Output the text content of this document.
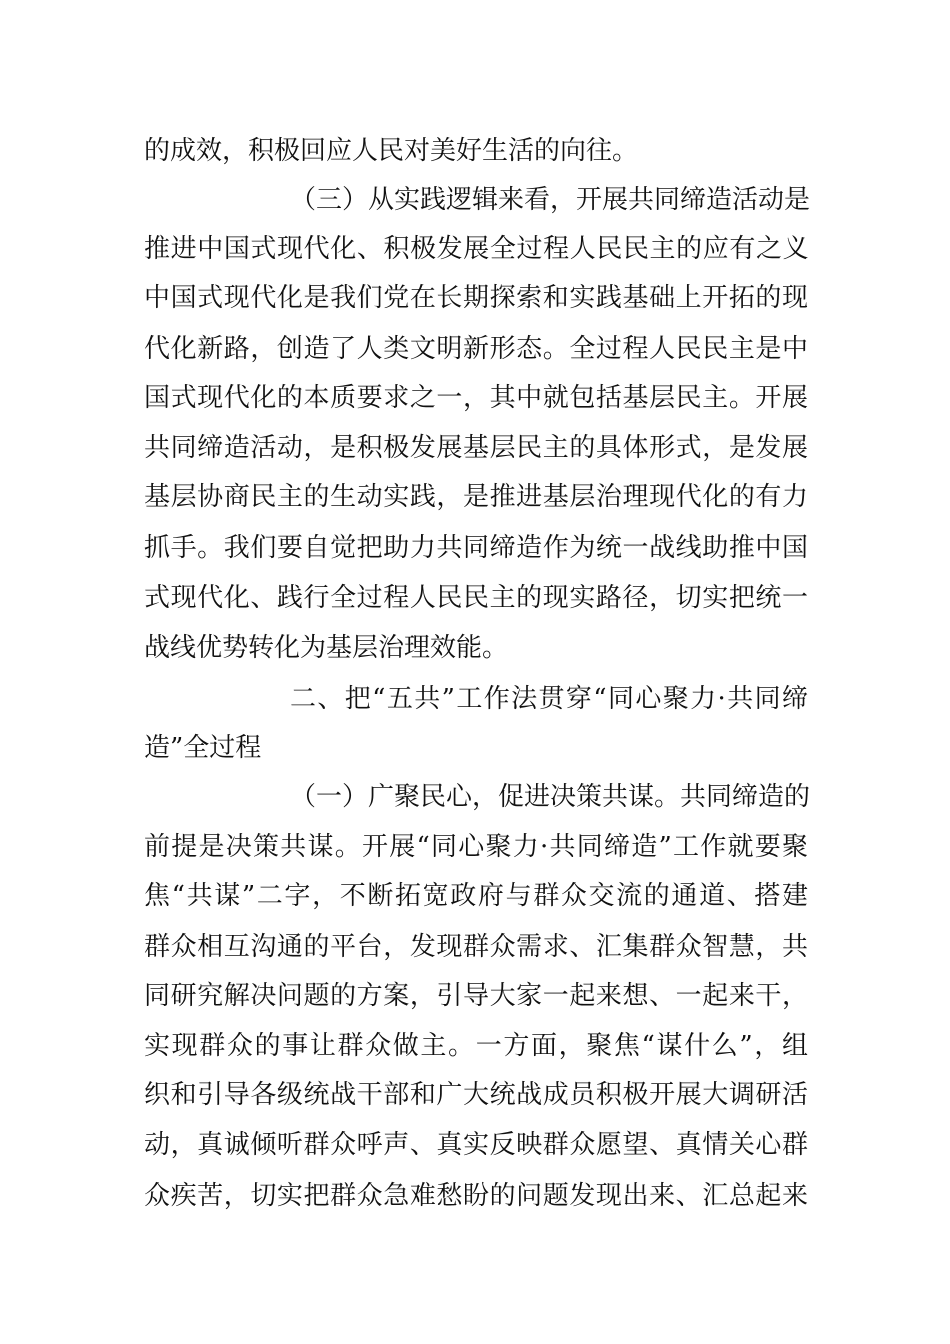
的成效，积极回应人民对美好生活的向往。
（三）从实践逻辑来看，开展共同缔造活动是
推进中国式现代化、积极发展全过程人民民主的应有之义
中国式现代化是我们党在长期探索和实践基础上开拓的现
代化新路，创造了人类文明新形态。全过程人民民主是中
国式现代化的本质要求之一，其中就包括基层民主。开展
共同缔造活动，是积极发展基层民主的具体形式，是发展
基层协商民主的生动实践，是推进基层治理现代化的有力
抓手。我们要自觉把助力共同缔造作为统一战线助推中国
式现代化、践行全过程人民民主的现实路径，切实把统一
战线优势转化为基层治理效能。
二、把“五共”工作法贯穿“同心聚力·共同缔
造”全过程
（一）广聚民心，促进决策共谋。共同缔造的
前提是决策共谋。开展“同心聚力·共同缔造”工作就要聚
焦“共谋”二字，不断拓宽政府与群众交流的通道、搭建
群众相互沟通的平台，发现群众需求、汇集群众智慧，共
同研究解决问题的方案，引导大家一起来想、一起来干，
实现群众的事让群众做主。一方面，聚焦“谋什么”，组
织和引导各级统战干部和广大统战成员积极开展大调研活
动，真诚倾听群众呼声、真实反映群众愿望、真情关心群
众疾苦，切实把群众急难愁盼的问题发现出来、汇总起来
